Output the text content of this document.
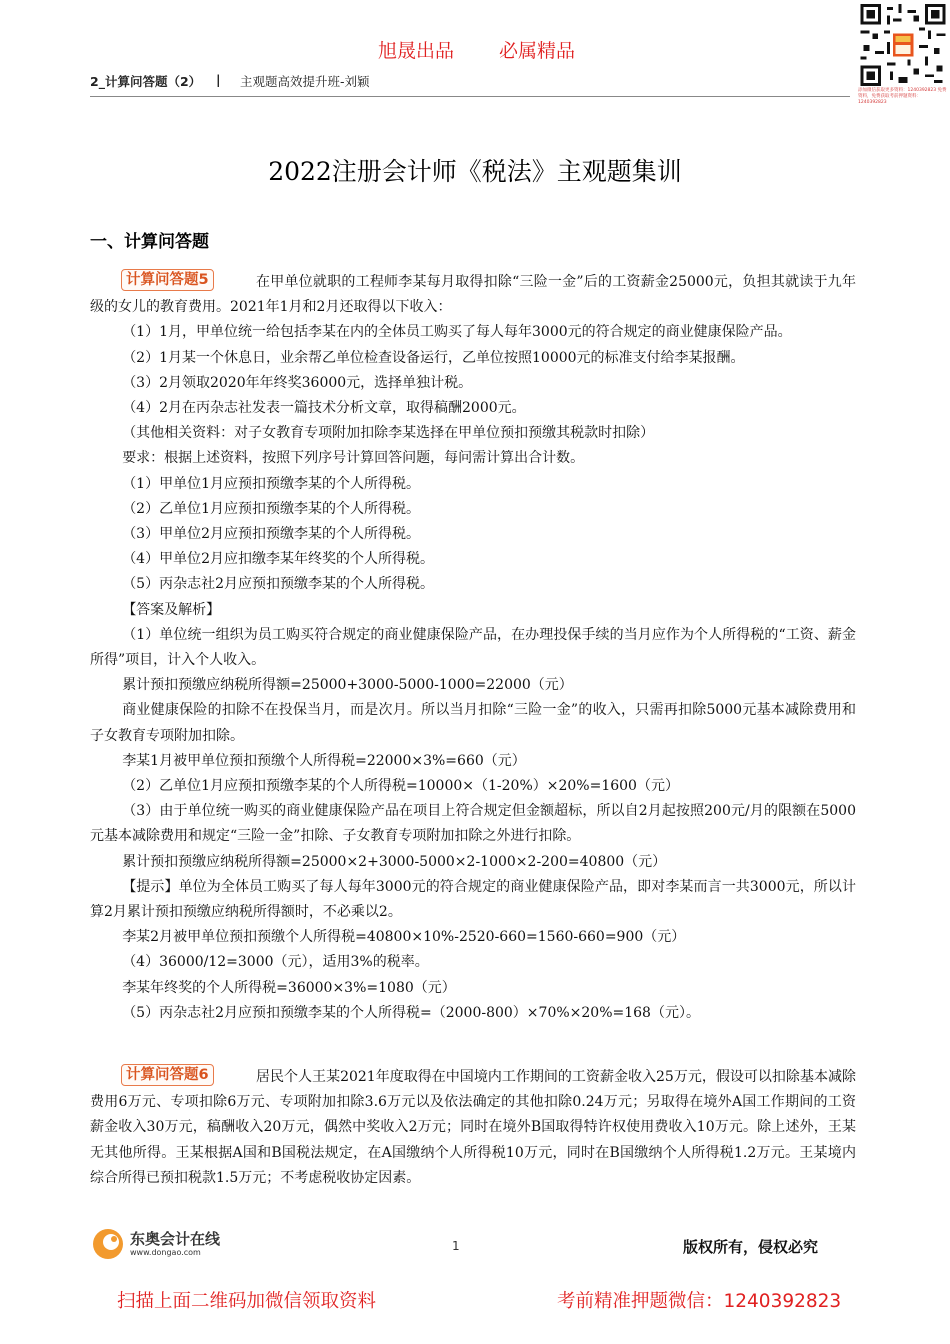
旭晟出品 必属精品
2_计算问答题（2） | 主观题高效提升班-刘颖
添加微信获取更多资料：1240392823 免费资料，免费获取考前押题资料：1240392823
2022注册会计师《税法》主观题集训
一、计算问答题
计算问答题5	在甲单位就职的工程师李某每月取得扣除“三险一金”后的工资薪金25000元，负担其就读于九年级的女儿的教育费用。2021年1月和2月还取得以下收入：

（1）1月，甲单位统一给包括李某在内的全体员工购买了每人每年3000元的符合规定的商业健康保险产品。

（2）1月某一个休息日，业余帮乙单位检查设备运行，乙单位按照10000元的标准支付给李某报酬。

（3）2月领取2020年年终奖36000元，选择单独计税。

（4）2月在丙杂志社发表一篇技术分析文章，取得稿酬2000元。

（其他相关资料：对子女教育专项附加扣除李某选择在甲单位预扣预缴其税款时扣除）

要求：根据上述资料，按照下列序号计算回答问题，每问需计算出合计数。

（1）甲单位1月应预扣预缴李某的个人所得税。

（2）乙单位1月应预扣预缴李某的个人所得税。

（3）甲单位2月应预扣预缴李某的个人所得税。

（4）甲单位2月应扣缴李某年终奖的个人所得税。

（5）丙杂志社2月应预扣预缴李某的个人所得税。

【答案及解析】

（1）单位统一组织为员工购买符合规定的商业健康保险产品，在办理投保手续的当月应作为个人所得税的“工资、薪金所得”项目，计入个人收入。

累计预扣预缴应纳税所得额=25000+3000-5000-1000=22000（元）

商业健康保险的扣除不在投保当月，而是次月。所以当月扣除“三险一金”的收入，只需再扣除5000元基本减除费用和子女教育专项附加扣除。

李某1月被甲单位预扣预缴个人所得税=22000×3%=660（元）

（2）乙单位1月应预扣预缴李某的个人所得税=10000×（1-20%）×20%=1600（元）

（3）由于单位统一购买的商业健康保险产品在项目上符合规定但金额超标，所以自2月起按照200元/月的限额在5000元基本减除费用和规定“三险一金”扣除、子女教育专项附加扣除之外进行扣除。

累计预扣预缴应纳税所得额=25000×2+3000-5000×2-1000×2-200=40800（元）

【提示】单位为全体员工购买了每人每年3000元的符合规定的商业健康保险产品，即对李某而言一共3000元，所以计算2月累计预扣预缴应纳税所得额时，不必乘以2。

李某2月被甲单位预扣预缴个人所得税=40800×10%-2520-660=1560-660=900（元）

（4）36000/12=3000（元），适用3%的税率。

李某年终奖的个人所得税=36000×3%=1080（元）

（5）丙杂志社2月应预扣预缴李某的个人所得税=（2000-800）×70%×20%=168（元）。

计算问答题6	居民个人王某2021年度取得在中国境内工作期间的工资薪金收入25万元，假设可以扣除基本减除费用6万元、专项扣除6万元、专项附加扣除3.6万元以及依法确定的其他扣除0.24万元；另取得在境外A国工作期间的工资薪金收入30万元，稿酬收入20万元，偶然中奖收入2万元；同时在境外B国取得特许权使用费收入10万元。除上述外，王某无其他所得。王某根据A国和B国税法规定，在A国缴纳个人所得税10万元，同时在B国缴纳个人所得税1.2万元。王某境内综合所得已预扣税款1.5万元；不考虑税收协定因素。

东奥会计在线
www.dongao.com	1	版权所有，侵权必究
扫描上面二维码加微信领取资料	考前精准押题微信：1240392823
